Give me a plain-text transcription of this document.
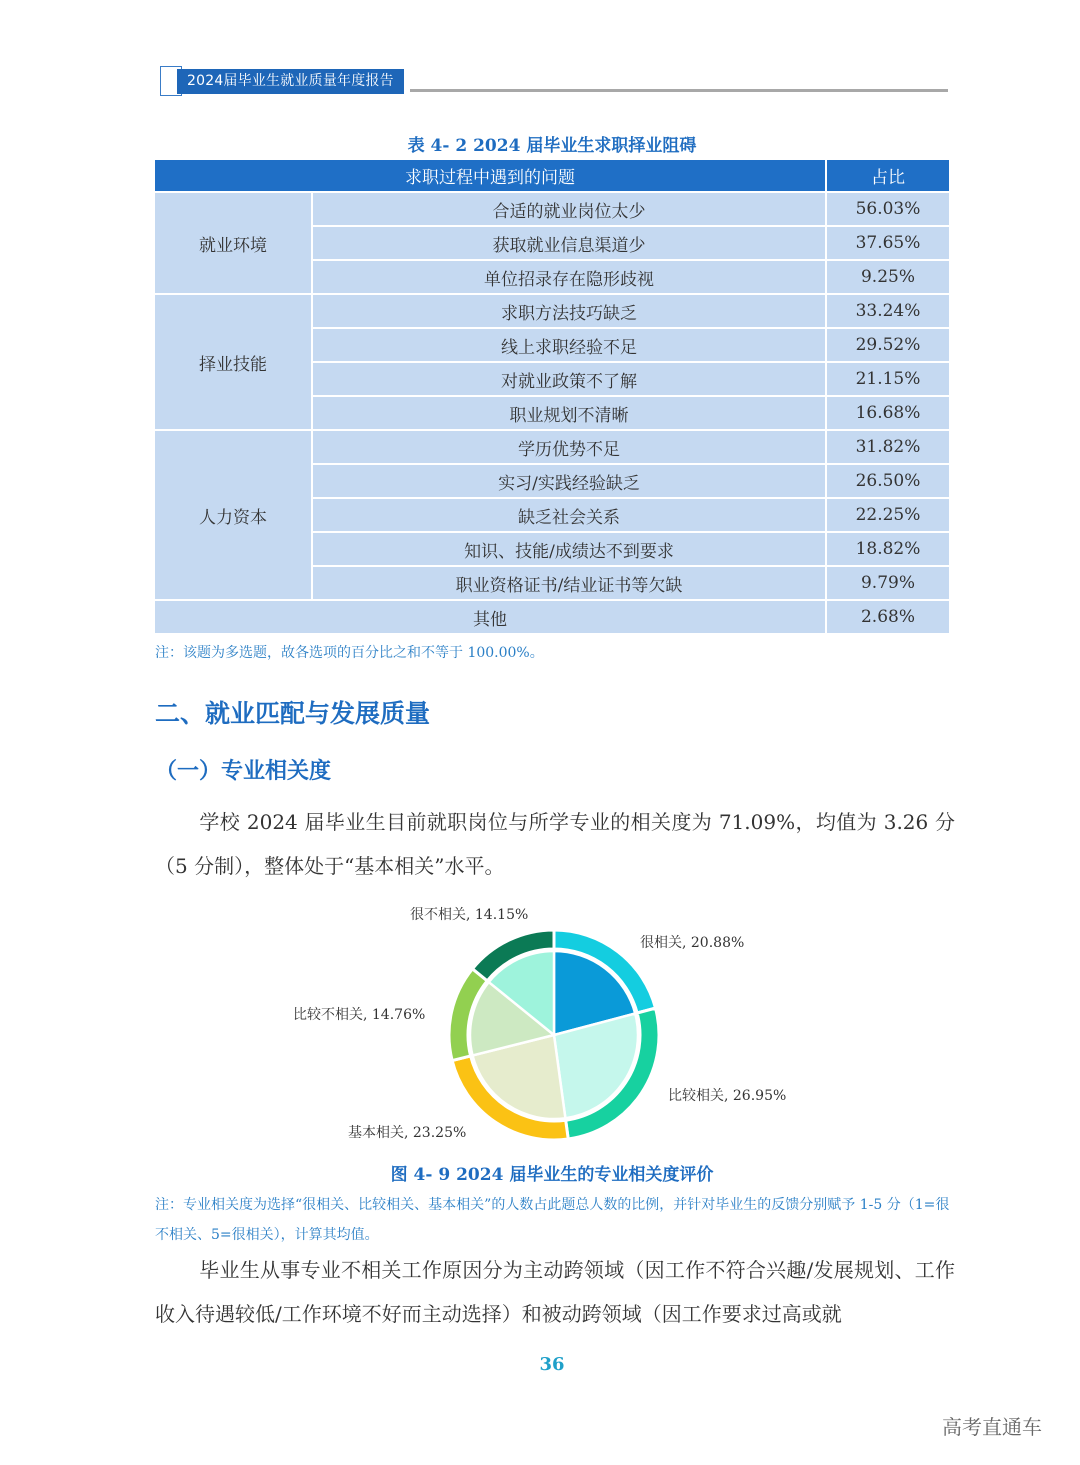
2024届毕业生就业质量年度报告
表 4- 2 2024 届毕业生求职择业阻碍
求职过程中遇到的问题		占比
就业环境	合适的就业岗位太少	56.03%
	获取就业信息渠道少	37.65%
	单位招录存在隐形歧视	9.25%
择业技能	求职方法技巧缺乏	33.24%
	线上求职经验不足	29.52%
	对就业政策不了解	21.15%
	职业规划不清晰	16.68%
人力资本	学历优势不足	31.82%
	实习/实践经验缺乏	26.50%
	缺乏社会关系	22.25%
	知识、技能/成绩达不到要求	18.82%
	职业资格证书/结业证书等欠缺	9.79%
其他		2.68%
注：该题为多选题，故各选项的百分比之和不等于 100.00%。
二、就业匹配与发展质量
（一）专业相关度
学校 2024 届毕业生目前就职岗位与所学专业的相关度为 71.09%，均值为 3.26 分（5 分制），整体处于“基本相关”水平。
很不相关, 14.15%
很相关, 20.88%
比较不相关, 14.76%
比较相关, 26.95%
基本相关, 23.25%
图 4- 9 2024 届毕业生的专业相关度评价
注：专业相关度为选择“很相关、比较相关、基本相关”的人数占此题总人数的比例，并针对毕业生的反馈分别赋予 1-5 分（1=很不相关、5=很相关），计算其均值。
毕业生从事专业不相关工作原因分为主动跨领域（因工作不符合兴趣/发展规划、工作收入待遇较低/工作环境不好而主动选择）和被动跨领域（因工作要求过高或就
36
高考直通车
